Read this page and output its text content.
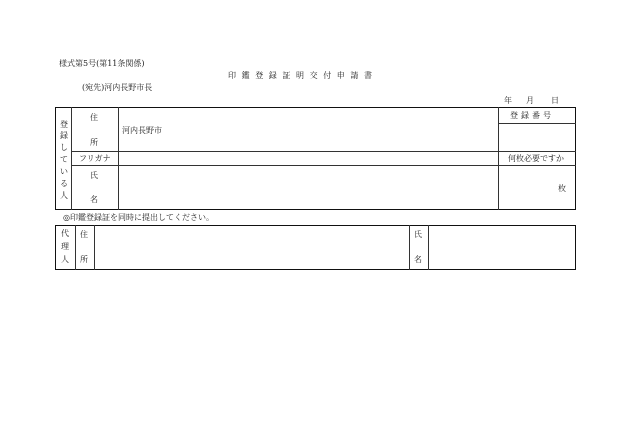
様式第5号(第11条関係)
印鑑登録証明交付申請書
(宛先)河内長野市長
年 月 日
登
録
し
て
い
る
人
住
所
河内長野市
フリガナ
氏
名
登録番号
何枚必要ですか
枚
◎印鑑登録証を同時に提出してください。
代
理
人
住
所
氏
名
